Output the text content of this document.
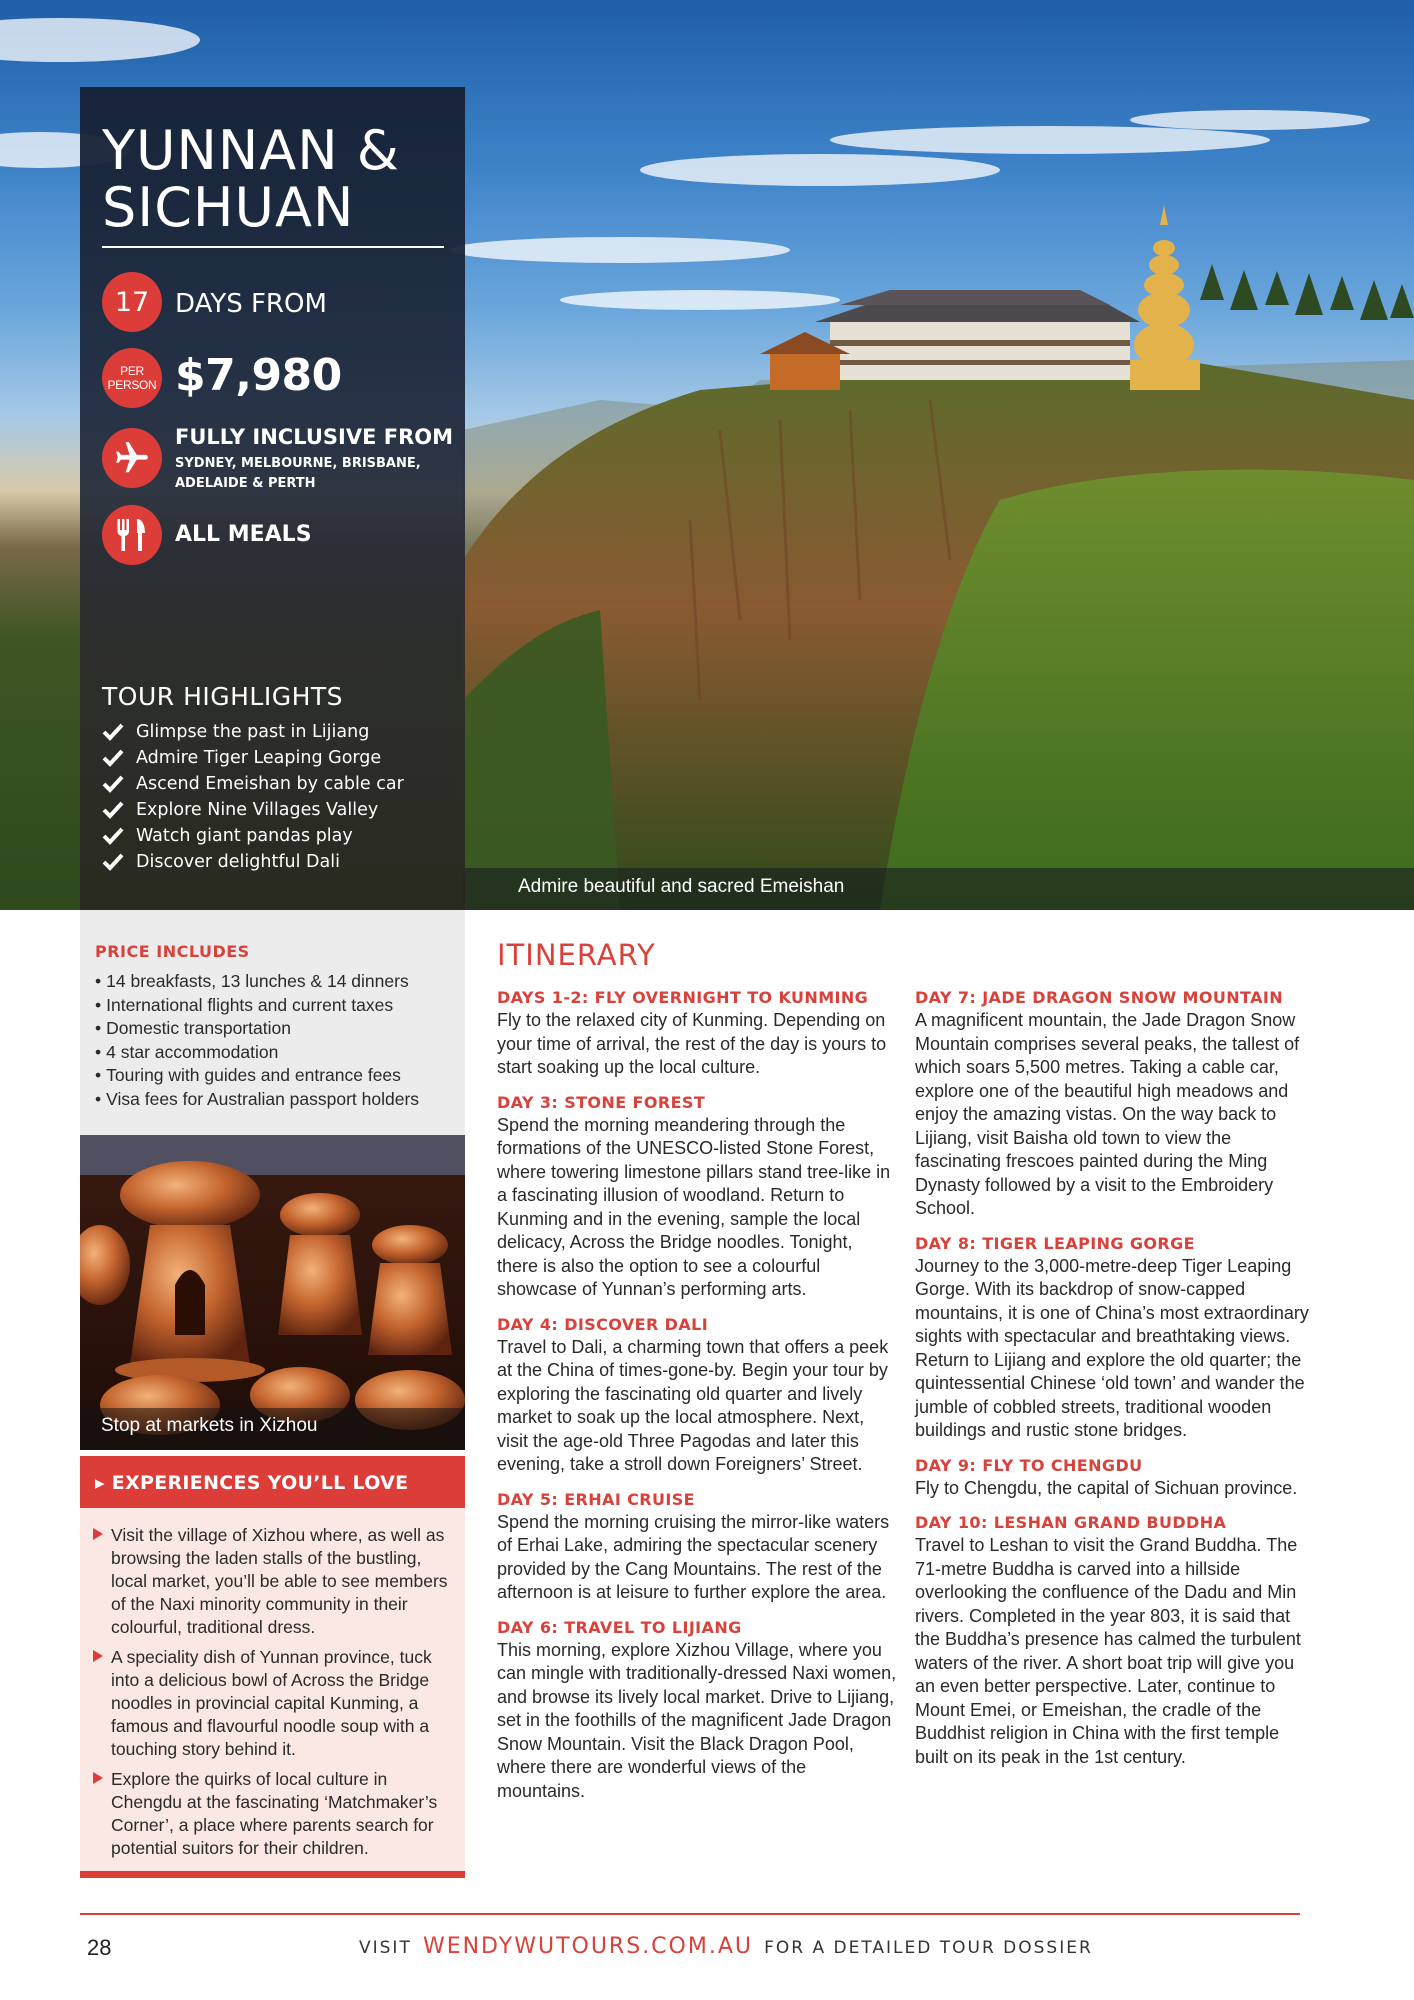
Admire beautiful and sacred Emeishan
YUNNAN &
SICHUAN
17 DAYS FROM
PER PERSON $7,980
FULLY INCLUSIVE FROM
SYDNEY, MELBOURNE, BRISBANE, ADELAIDE & PERTH
ALL MEALS
TOUR HIGHLIGHTS
Glimpse the past in Lijiang
Admire Tiger Leaping Gorge
Ascend Emeishan by cable car
Explore Nine Villages Valley
Watch giant pandas play
Discover delightful Dali
PRICE INCLUDES
• 14 breakfasts, 13 lunches & 14 dinners
• International flights and current taxes
• Domestic transportation
• 4 star accommodation
• Touring with guides and entrance fees
• Visa fees for Australian passport holders
Stop at markets in Xizhou
▸ EXPERIENCES YOU’LL LOVE
Visit the village of Xizhou where, as well as browsing the laden stalls of the bustling, local market, you’ll be able to see members of the Naxi minority community in their colourful, traditional dress.
A speciality dish of Yunnan province, tuck into a delicious bowl of Across the Bridge noodles in provincial capital Kunming, a famous and flavourful noodle soup with a touching story behind it.
Explore the quirks of local culture in Chengdu at the fascinating ‘Matchmaker’s Corner’, a place where parents search for potential suitors for their children.
ITINERARY
DAYS 1-2: FLY OVERNIGHT TO KUNMING
Fly to the relaxed city of Kunming. Depending on your time of arrival, the rest of the day is yours to start soaking up the local culture.
DAY 3: STONE FOREST
Spend the morning meandering through the formations of the UNESCO-listed Stone Forest, where towering limestone pillars stand tree-like in a fascinating illusion of woodland. Return to Kunming and in the evening, sample the local delicacy, Across the Bridge noodles. Tonight, there is also the option to see a colourful showcase of Yunnan’s performing arts.
DAY 4: DISCOVER DALI
Travel to Dali, a charming town that offers a peek at the China of times-gone-by. Begin your tour by exploring the fascinating old quarter and lively market to soak up the local atmosphere. Next, visit the age-old Three Pagodas and later this evening, take a stroll down Foreigners’ Street.
DAY 5: ERHAI CRUISE
Spend the morning cruising the mirror-like waters of Erhai Lake, admiring the spectacular scenery provided by the Cang Mountains. The rest of the afternoon is at leisure to further explore the area.
DAY 6: TRAVEL TO LIJIANG
This morning, explore Xizhou Village, where you can mingle with traditionally-dressed Naxi women, and browse its lively local market. Drive to Lijiang, set in the foothills of the magnificent Jade Dragon Snow Mountain. Visit the Black Dragon Pool, where there are wonderful views of the mountains.
DAY 7: JADE DRAGON SNOW MOUNTAIN
A magnificent mountain, the Jade Dragon Snow Mountain comprises several peaks, the tallest of which soars 5,500 metres. Taking a cable car, explore one of the beautiful high meadows and enjoy the amazing vistas. On the way back to Lijiang, visit Baisha old town to view the fascinating frescoes painted during the Ming Dynasty followed by a visit to the Embroidery School.
DAY 8: TIGER LEAPING GORGE
Journey to the 3,000-metre-deep Tiger Leaping Gorge. With its backdrop of snow-capped mountains, it is one of China’s most extraordinary sights with spectacular and breathtaking views. Return to Lijiang and explore the old quarter; the quintessential Chinese ‘old town’ and wander the jumble of cobbled streets, traditional wooden buildings and rustic stone bridges.
DAY 9: FLY TO CHENGDU
Fly to Chengdu, the capital of Sichuan province.
DAY 10: LESHAN GRAND BUDDHA
Travel to Leshan to visit the Grand Buddha. The 71-metre Buddha is carved into a hillside overlooking the confluence of the Dadu and Min rivers. Completed in the year 803, it is said that the Buddha’s presence has calmed the turbulent waters of the river. A short boat trip will give you an even better perspective. Later, continue to Mount Emei, or Emeishan, the cradle of the Buddhist religion in China with the first temple built on its peak in the 1st century.
28	VISIT WENDYWUTOURS.COM.AU FOR A DETAILED TOUR DOSSIER
